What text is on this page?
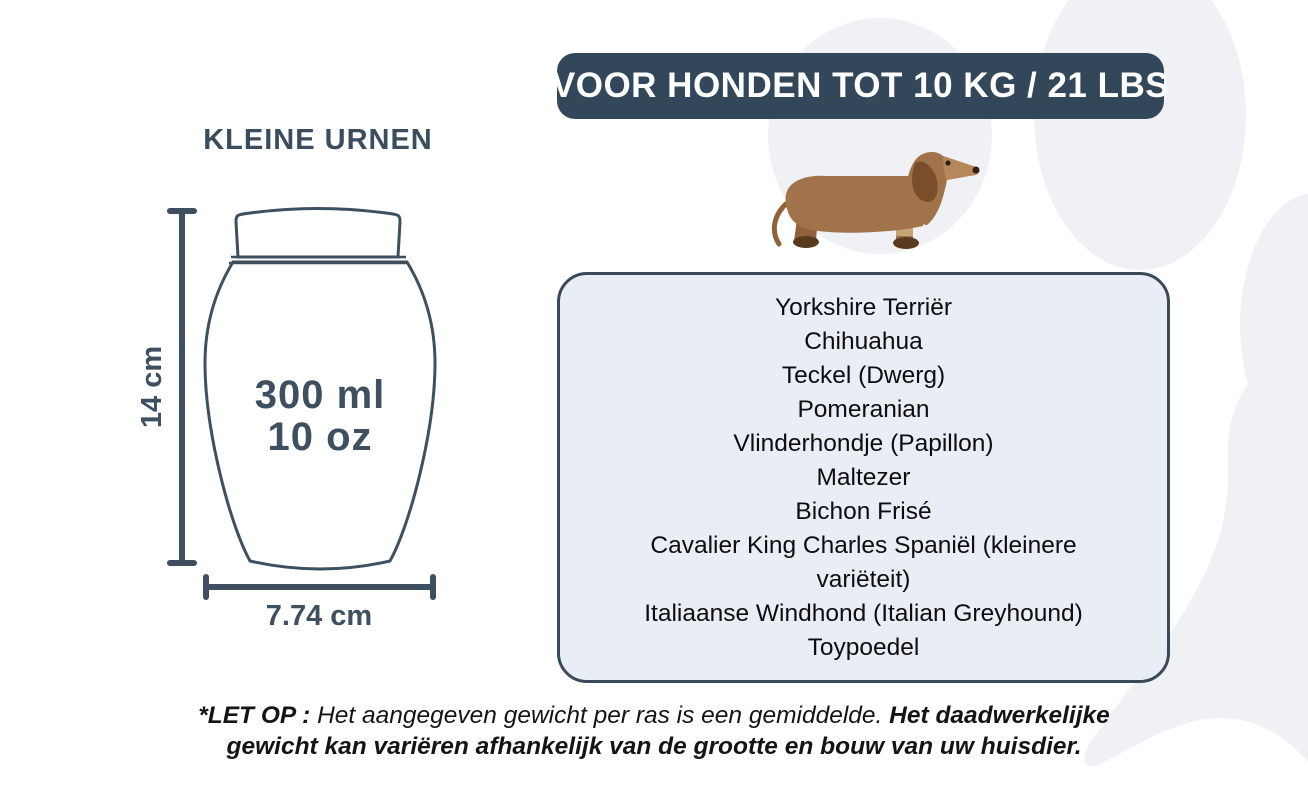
KLEINE URNEN
VOOR HONDEN TOT 10 KG / 21 LBS
300 ml
10 oz
14 cm
7.74 cm
Yorkshire Terriër
Chihuahua
Teckel (Dwerg)
Pomeranian
Vlinderhondje (Papillon)
Maltezer
Bichon Frisé
Cavalier King Charles Spaniël (kleinere variëteit)
Italiaanse Windhond (Italian Greyhound)
Toypoedel
*LET OP : Het aangegeven gewicht per ras is een gemiddelde. Het daadwerkelijke gewicht kan variëren afhankelijk van de grootte en bouw van uw huisdier.
